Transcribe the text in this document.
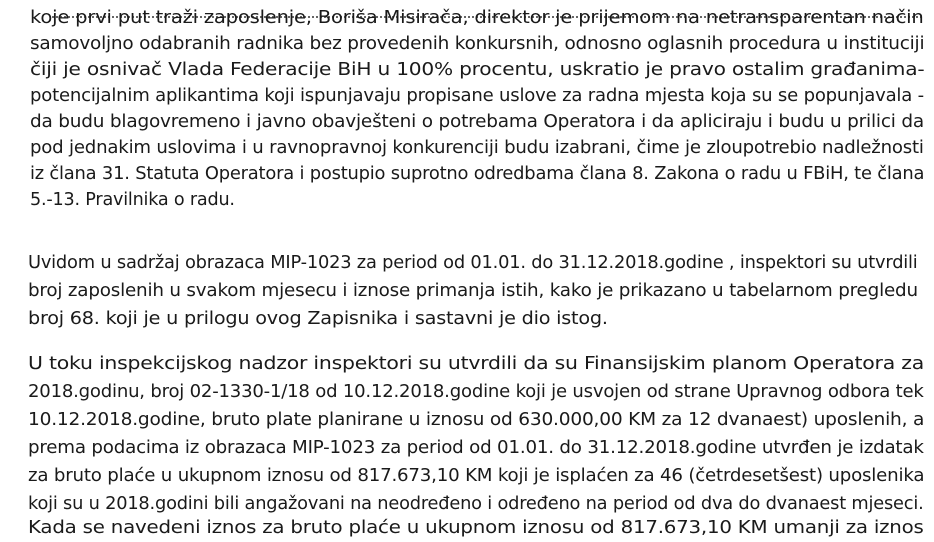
koje prvi put traži zaposlenje, Boriša Misirača, direktor je prijemom na netransparentan način
samovoljno odabranih radnika bez provedenih konkursnih, odnosno oglasnih procedura u instituciji
čiji je osnivač Vlada Federacije BiH u 100% procentu, uskratio je pravo ostalim građanima-
potencijalnim aplikantima koji ispunjavaju propisane uslove za radna mjesta koja su se popunjavala -
da budu blagovremeno i javno obavješteni o potrebama Operatora i da apliciraju i budu u prilici da
pod jednakim uslovima i u ravnopravnoj konkurenciji budu izabrani, čime je zloupotrebio nadležnosti
iz člana 31. Statuta Operatora i postupio suprotno odredbama člana 8. Zakona o radu u FBiH, te člana
5.-13. Pravilnika o radu.
Uvidom u sadržaj obrazaca MIP-1023 za period od 01.01. do 31.12.2018.godine , inspektori su utvrdili
broj zaposlenih u svakom mjesecu i iznose primanja istih, kako je prikazano u tabelarnom pregledu
broj 68. koji je u prilogu ovog Zapisnika i sastavni je dio istog.
U toku inspekcijskog nadzor inspektori su utvrdili da su Finansijskim planom Operatora za
2018.godinu, broj 02-1330-1/18 od 10.12.2018.godine koji je usvojen od strane Upravnog odbora tek
10.12.2018.godine, bruto plate planirane u iznosu od 630.000,00 KM za 12 dvanaest) uposlenih, a
prema podacima iz obrazaca MIP-1023 za period od 01.01. do 31.12.2018.godine utvrđen je izdatak
za bruto plaće u ukupnom iznosu od 817.673,10 KM koji je isplaćen za 46 (četrdesetšest) uposlenika
koji su u 2018.godini bili angažovani na neodređeno i određeno na period od dva do dvanaest mjeseci.
Kada se navedeni iznos za bruto plaće u ukupnom iznosu od 817.673,10 KM umanji za iznos
